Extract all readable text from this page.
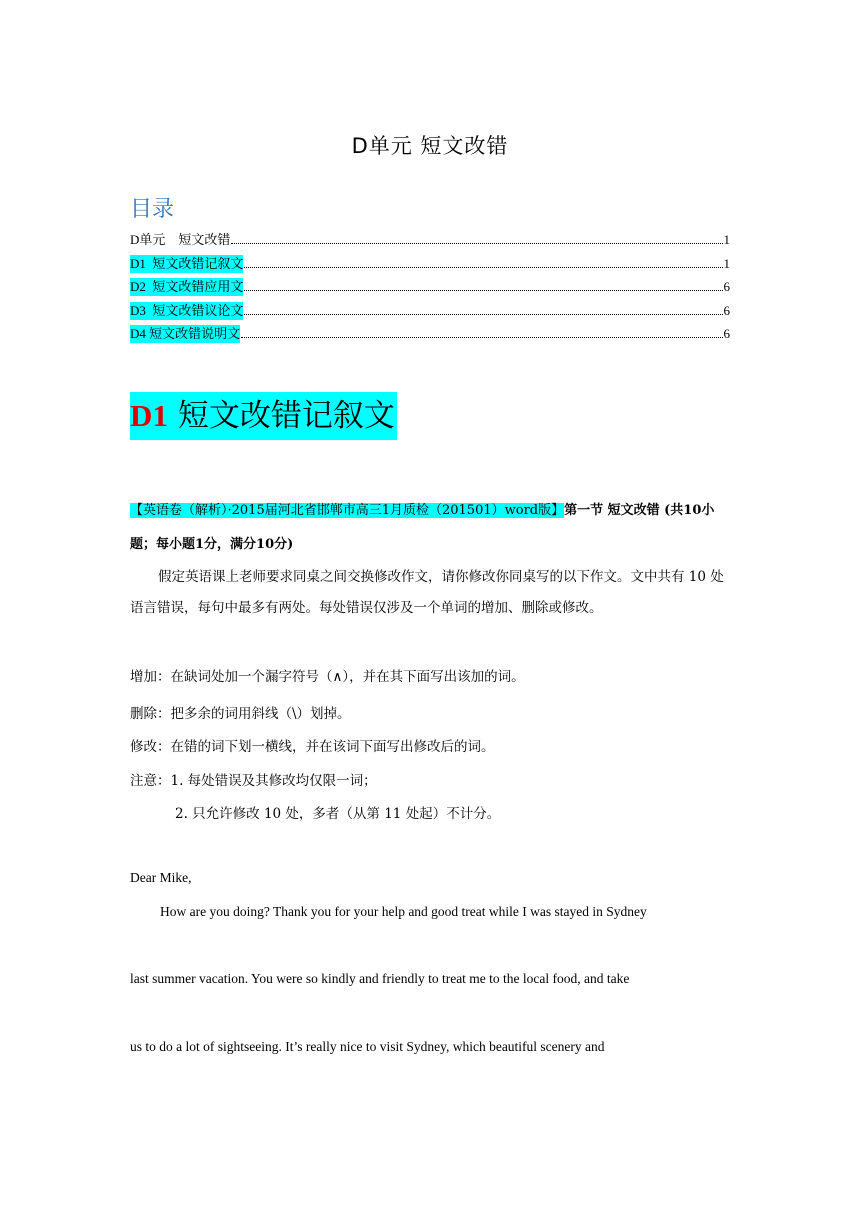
D单元 短文改错
目录
D单元    短文改错	1
D1  短文改错记叙文	1
D2  短文改错应用文	6
D3  短文改错议论文	6
D4 短文改错说明文	6
D1 短文改错记叙文
【英语卷（解析）·2015届河北省邯郸市高三1月质检（201501）word版】第一节 短文改错 (共10小题；每小题1分，满分10分)
假定英语课上老师要求同桌之间交换修改作文，请你修改你同桌写的以下作文。文中共有 10 处语言错误，每句中最多有两处。每处错误仅涉及一个单词的增加、删除或修改。
增加：在缺词处加一个漏字符号（∧），并在其下面写出该加的词。
删除：把多余的词用斜线（\）划掉。
修改：在错的词下划一横线，并在该词下面写出修改后的词。
注意：1. 每处错误及其修改均仅限一词；
2. 只允许修改 10 处，多者（从第 11 处起）不计分。
Dear Mike,
How are you doing? Thank you for your help and good treat while I was stayed in Sydney
last summer vacation. You were so kindly and friendly to treat me to the local food, and take
us to do a lot of sightseeing. It’s really nice to visit Sydney, which beautiful scenery and
